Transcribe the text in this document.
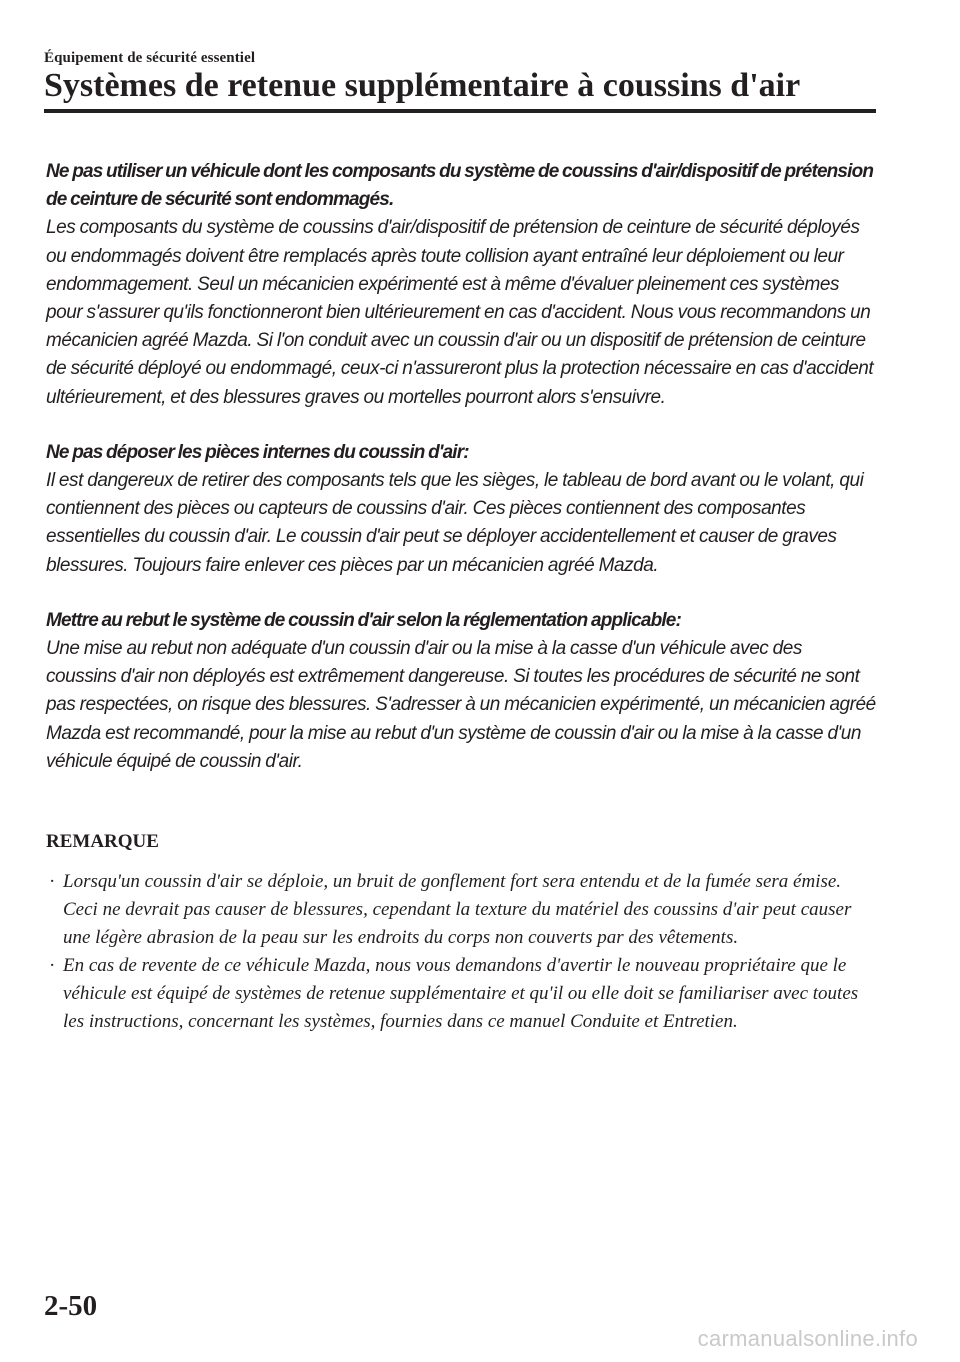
Équipement de sécurité essentiel
Systèmes de retenue supplémentaire à coussins d'air
Ne pas utiliser un véhicule dont les composants du système de coussins d'air/dispositif de prétension de ceinture de sécurité sont endommagés.
Les composants du système de coussins d'air/dispositif de prétension de ceinture de sécurité déployés ou endommagés doivent être remplacés après toute collision ayant entraîné leur déploiement ou leur endommagement. Seul un mécanicien expérimenté est à même d'évaluer pleinement ces systèmes pour s'assurer qu'ils fonctionneront bien ultérieurement en cas d'accident. Nous vous recommandons un mécanicien agréé Mazda. Si l'on conduit avec un coussin d'air ou un dispositif de prétension de ceinture de sécurité déployé ou endommagé, ceux-ci n'assureront plus la protection nécessaire en cas d'accident ultérieurement, et des blessures graves ou mortelles pourront alors s'ensuivre.
Ne pas déposer les pièces internes du coussin d'air:
Il est dangereux de retirer des composants tels que les sièges, le tableau de bord avant ou le volant, qui contiennent des pièces ou capteurs de coussins d'air. Ces pièces contiennent des composantes essentielles du coussin d'air. Le coussin d'air peut se déployer accidentellement et causer de graves blessures. Toujours faire enlever ces pièces par un mécanicien agréé Mazda.
Mettre au rebut le système de coussin d'air selon la réglementation applicable:
Une mise au rebut non adéquate d'un coussin d'air ou la mise à la casse d'un véhicule avec des coussins d'air non déployés est extrêmement dangereuse. Si toutes les procédures de sécurité ne sont pas respectées, on risque des blessures. S'adresser à un mécanicien expérimenté, un mécanicien agréé Mazda est recommandé, pour la mise au rebut d'un système de coussin d'air ou la mise à la casse d'un véhicule équipé de coussin d'air.
REMARQUE
· Lorsqu'un coussin d'air se déploie, un bruit de gonflement fort sera entendu et de la fumée sera émise. Ceci ne devrait pas causer de blessures, cependant la texture du matériel des coussins d'air peut causer une légère abrasion de la peau sur les endroits du corps non couverts par des vêtements.
· En cas de revente de ce véhicule Mazda, nous vous demandons d'avertir le nouveau propriétaire que le véhicule est équipé de systèmes de retenue supplémentaire et qu'il ou elle doit se familiariser avec toutes les instructions, concernant les systèmes, fournies dans ce manuel Conduite et Entretien.
2-50
carmanualsonline.info
